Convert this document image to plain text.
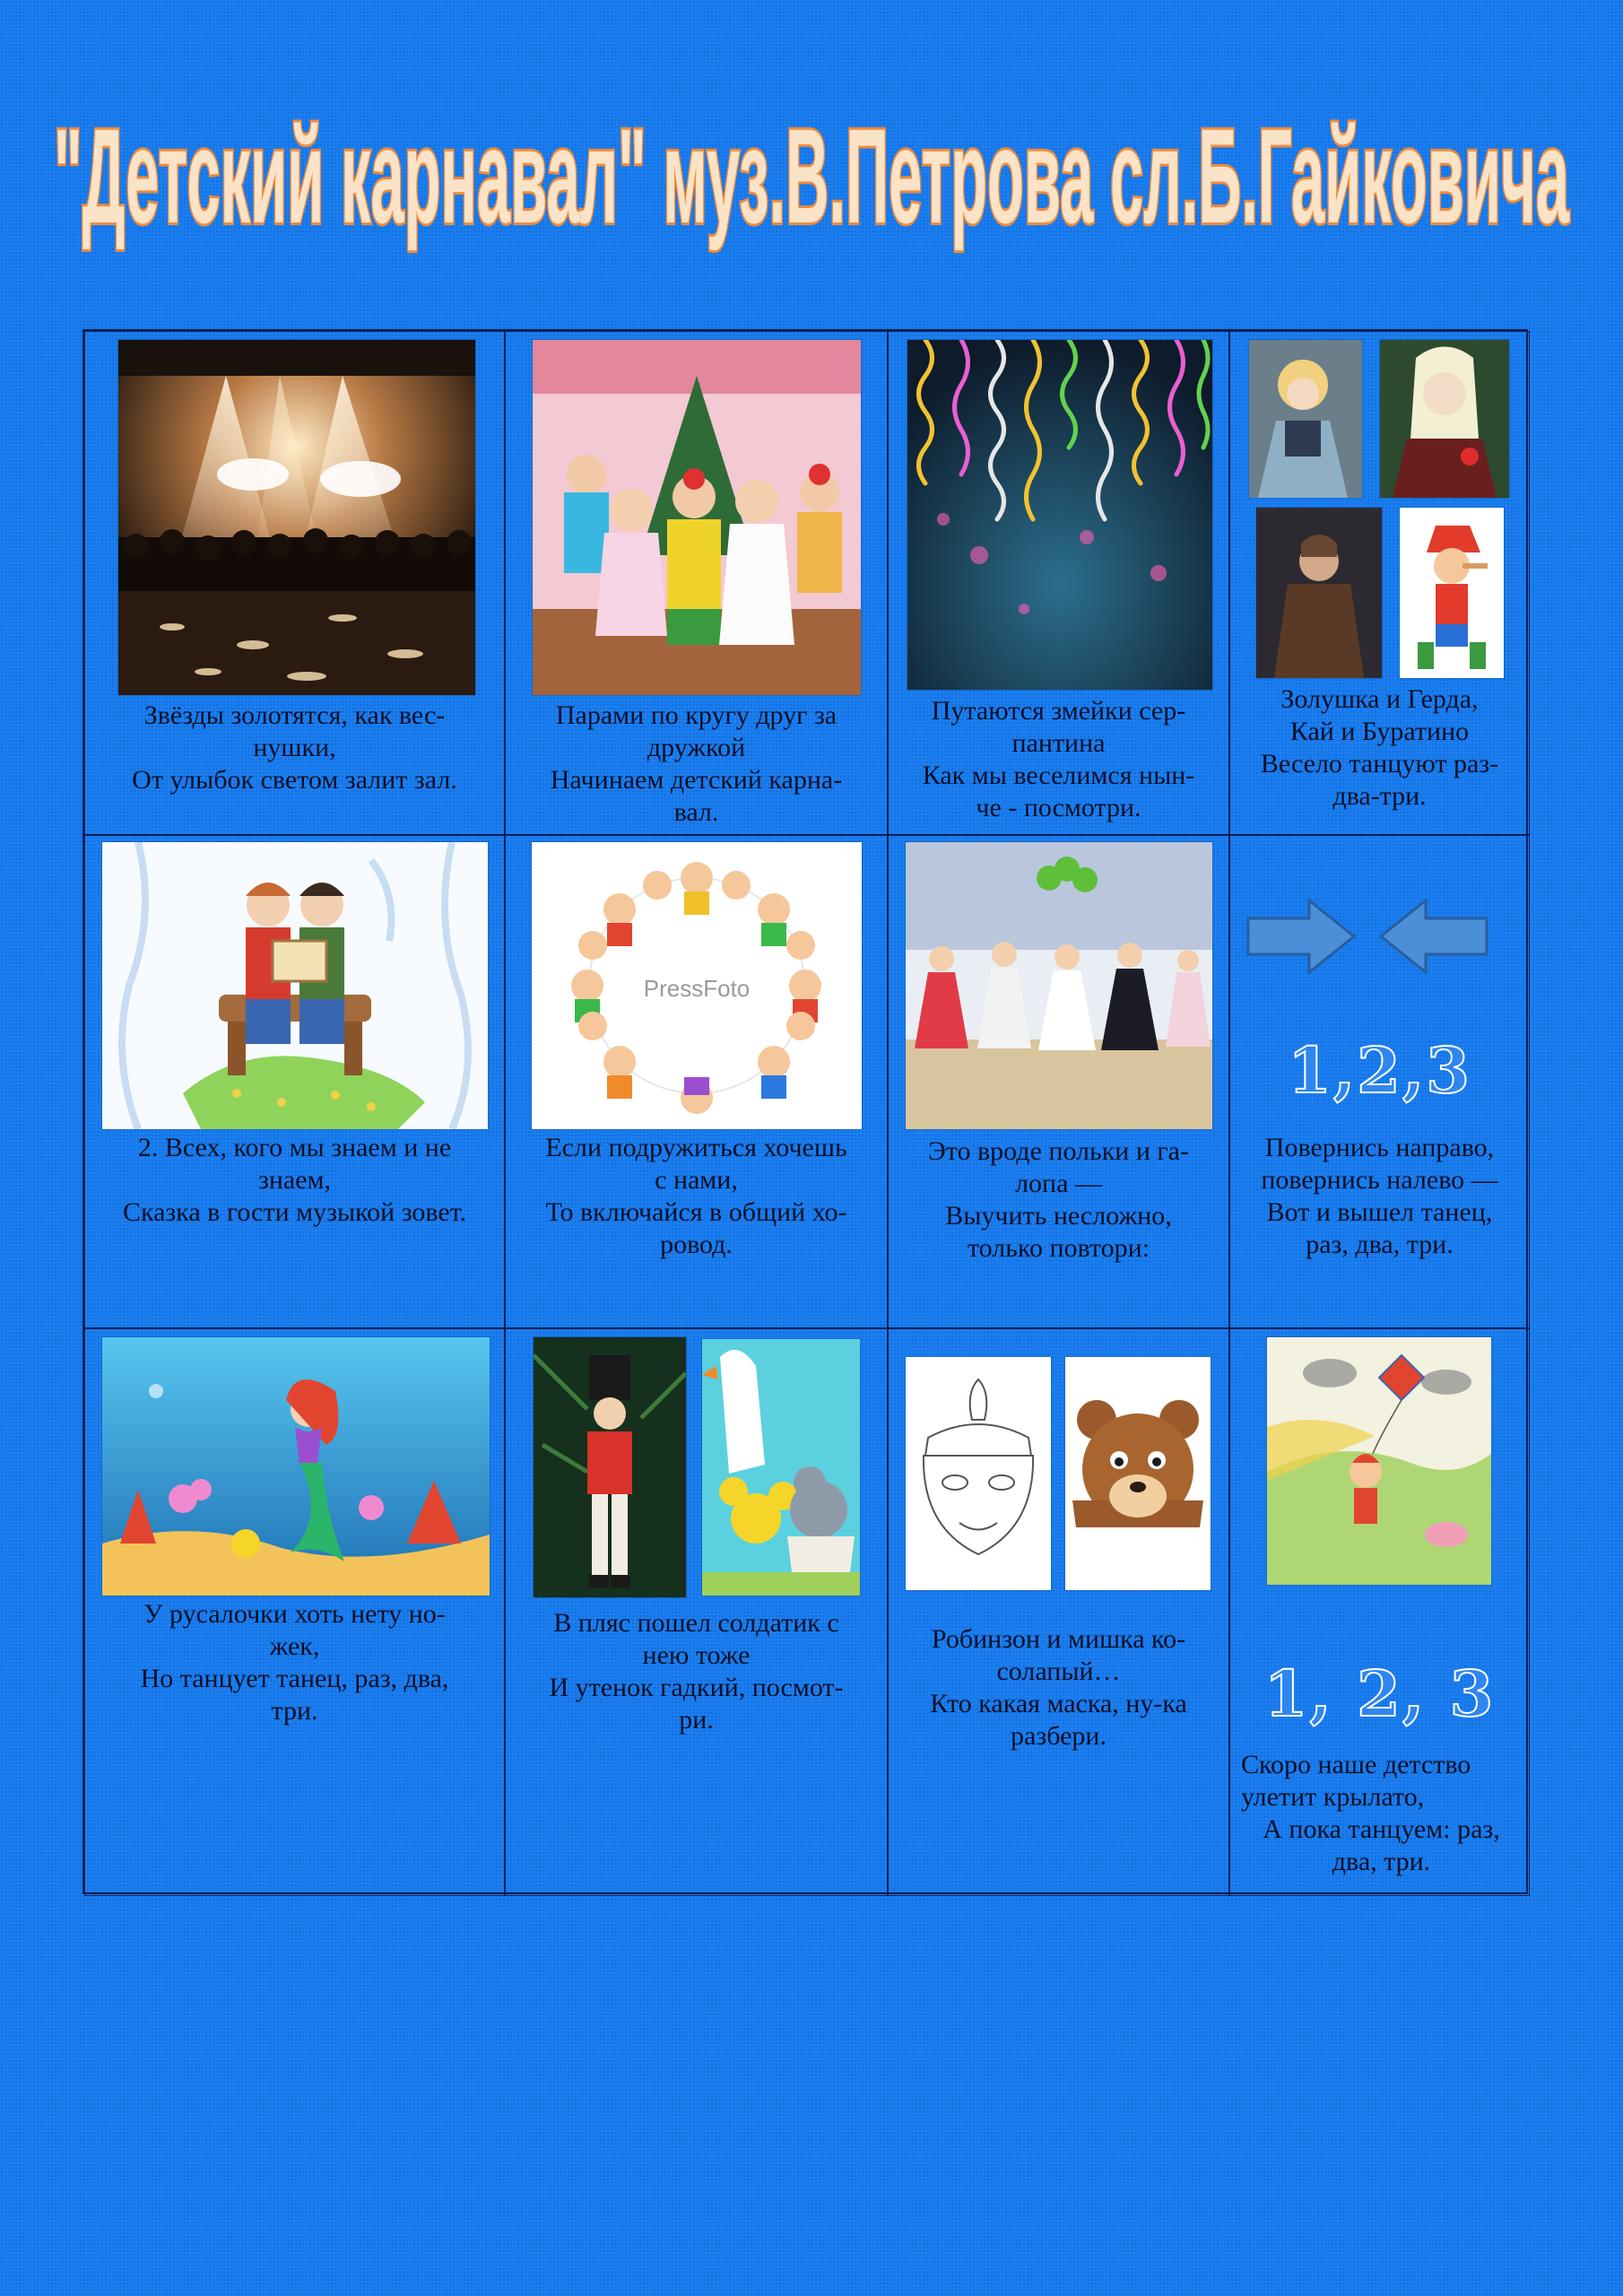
"Детский карнавал" муз.В.Петрова сл.Б.Гайковича
Звёзды золотятся, как вес-
нушки,
От улыбок светом залит зал.
Парами по кругу друг за
дружкой
Начинаем детский карна-
вал.
Путаются змейки сер-
пантина
Как мы веселимся нын-
че - посмотри.
Золушка и Герда,
Кай и Буратино
Весело танцуют раз-
два-три.
2. Всех, кого мы знаем и не
знаем,
Сказка в гости музыкой зовет.
PressFoto
Если подружиться хочешь
с нами,
То включайся в общий хо-
ровод.
Это вроде польки и га-
лопа —
Выучить несложно,
только повтори:
1,2,3
Повернись направо,
повернись налево —
Вот и вышел танец,
раз, два, три.
У русалочки хоть нету но-
жек,
Но танцует танец, раз, два,
три.
В пляс пошел солдатик с
нею тоже
И утенок гадкий, посмот-
ри.
Робинзон и мишка ко-
солапый…
Кто какая маска, ну-ка
разбери.
1, 2, 3
Скоро наше детство
улетит крылато,
А пока танцуем: раз,
два, три.
